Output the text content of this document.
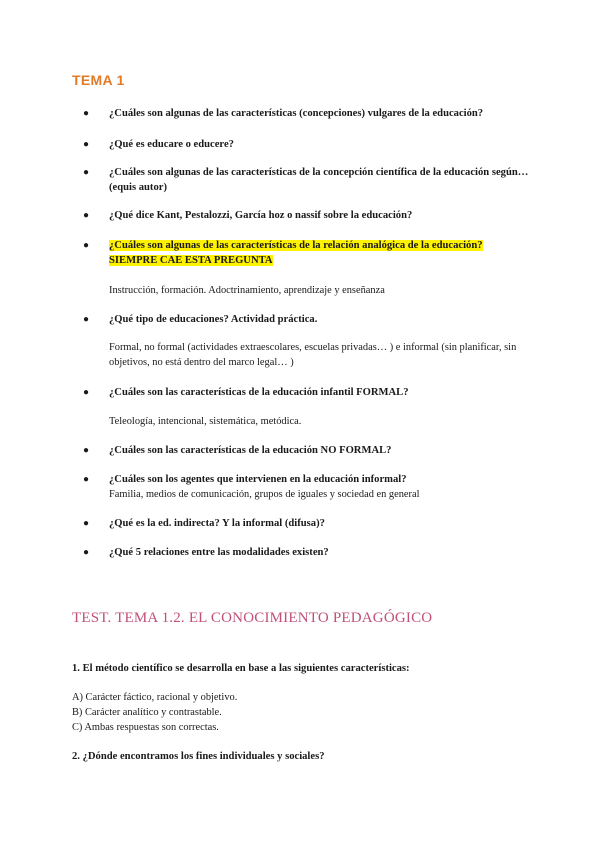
TEMA 1
●	¿Cuáles son algunas de las características (concepciones) vulgares de la educación?
●	¿Qué es educare o educere?
●	¿Cuáles son algunas de las características de la concepción científica de la educación según… (equis autor)
●	¿Qué dice Kant, Pestalozzi, García hoz o nassif sobre la educación?
●	¿Cuáles son algunas de las características de la relación analógica de la educación?
SIEMPRE CAE ESTA PREGUNTA
Instrucción, formación. Adoctrinamiento, aprendizaje y enseñanza
●	¿Qué tipo de educaciones? Actividad práctica.
Formal, no formal (actividades extraescolares, escuelas privadas… ) e informal (sin planificar, sin objetivos, no está dentro del marco legal… )
●	¿Cuáles son las características de la educación infantil FORMAL?
Teleología, intencional, sistemática, metódica.
●	¿Cuáles son las características de la educación NO FORMAL?
●	¿Cuáles son los agentes que intervienen en la educación informal?
Familia, medios de comunicación, grupos de iguales y sociedad en general
●	¿Qué es la ed. indirecta? Y la informal (difusa)?
●	¿Qué 5 relaciones entre las modalidades existen?
TEST. TEMA 1.2. EL CONOCIMIENTO PEDAGÓGICO
1. El método científico se desarrolla en base a las siguientes características:
A) Carácter fáctico, racional y objetivo.
B) Carácter analítico y contrastable.
C) Ambas respuestas son correctas.
2. ¿Dónde encontramos los fines individuales y sociales?
